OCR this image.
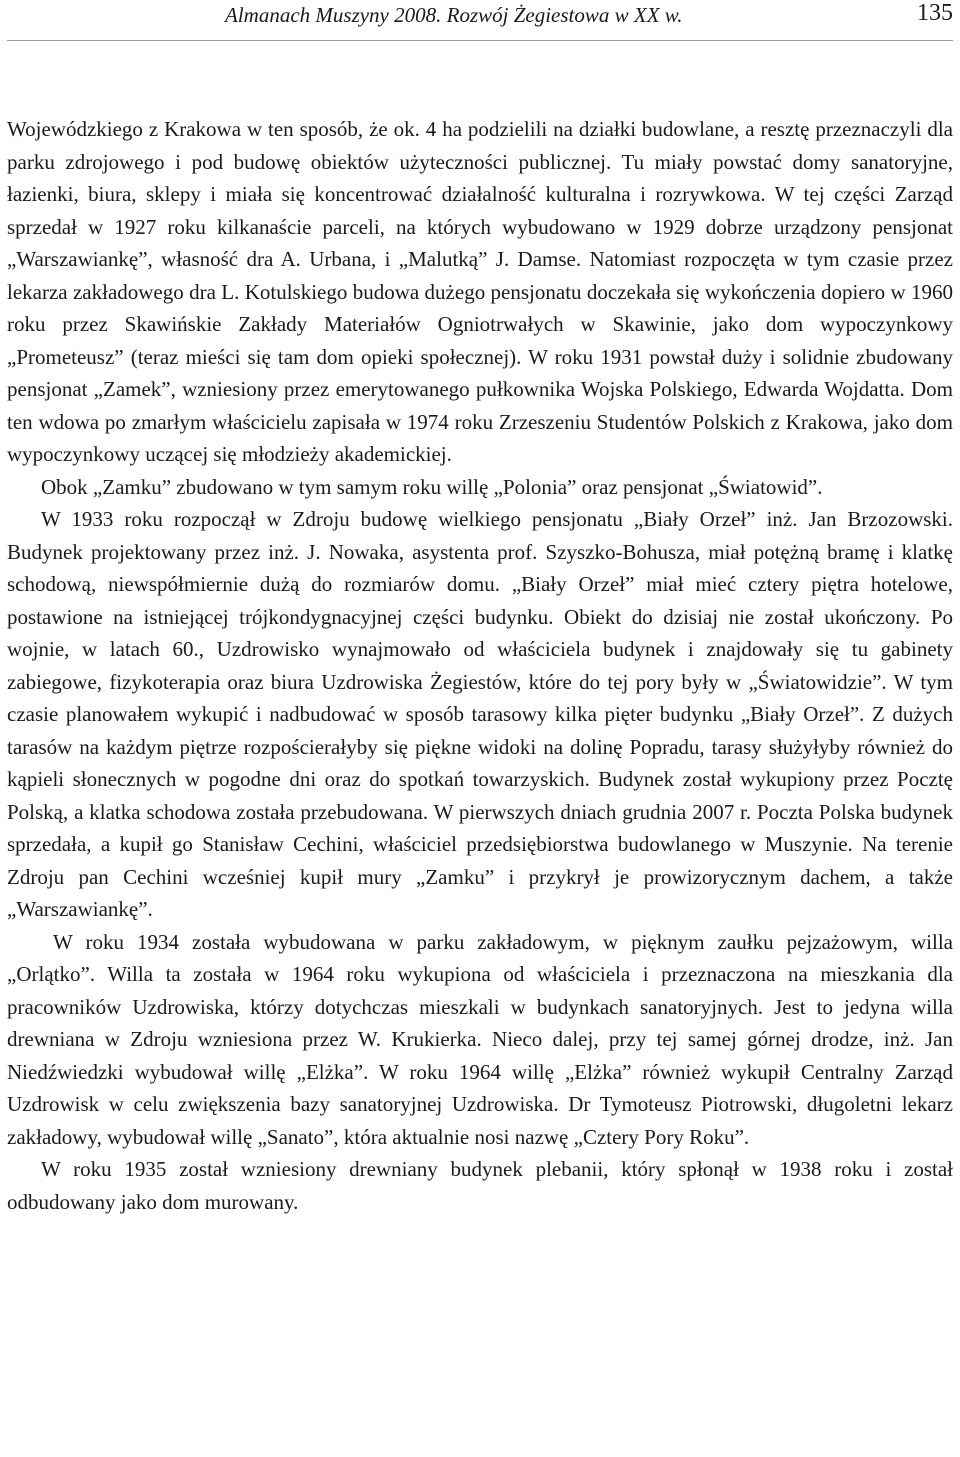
Almanach Muszyny 2008. Rozwój Żegiestowa w XX w.	135

Wojewódzkiego z Krakowa w ten sposób, że ok. 4 ha podzielili na działki budowlane, a resztę przeznaczyli dla parku zdrojowego i pod budowę obiektów użyteczności publicznej. Tu miały powstać domy sanatoryjne, łazienki, biura, sklepy i miała się koncentrować działalność kulturalna i rozrywkowa. W tej części Zarząd sprzedał w 1927 roku kilkanaście parceli, na których wybudowano w 1929 dobrze urządzony pensjonat „Warszawiankę”, własność dra A. Urbana, i „Malutką” J. Damse. Natomiast rozpoczęta w tym czasie przez lekarza zakładowego dra L. Kotulskiego budowa dużego pensjonatu doczekała się wykończenia dopiero w 1960 roku przez Skawińskie Zakłady Materiałów Ogniotrwałych w Skawinie, jako dom wypoczynkowy „Prometeusz” (teraz mieści się tam dom opieki społecznej). W roku 1931 powstał duży i solidnie zbudowany pensjonat „Zamek”, wzniesiony przez emerytowanego pułkownika Wojska Polskiego, Edwarda Wojdatta. Dom ten wdowa po zmarłym właścicielu zapisała w 1974 roku Zrzeszeniu Studentów Polskich z Krakowa, jako dom wypoczynkowy uczącej się młodzieży akademickiej.

Obok „Zamku” zbudowano w tym samym roku willę „Polonia” oraz pensjonat „Światowid”.

W 1933 roku rozpoczął w Zdroju budowę wielkiego pensjonatu „Biały Orzeł” inż. Jan Brzozowski. Budynek projektowany przez inż. J. Nowaka, asystenta prof. Szyszko-Bohusza, miał potężną bramę i klatkę schodową, niewspółmiernie dużą do rozmiarów domu. „Biały Orzeł” miał mieć cztery piętra hotelowe, postawione na istniejącej trójkondygnacyjnej części budynku. Obiekt do dzisiaj nie został ukończony. Po wojnie, w latach 60., Uzdrowisko wynajmowało od właściciela budynek i znajdowały się tu gabinety zabiegowe, fizykoterapia oraz biura Uzdrowiska Żegiestów, które do tej pory były w „Światowidzie”. W tym czasie planowałem wykupić i nadbudować w sposób tarasowy kilka pięter budynku „Biały Orzeł”. Z dużych tarasów na każdym piętrze rozpościerałyby się piękne widoki na dolinę Popradu, tarasy służyłyby również do kąpieli słonecznych w pogodne dni oraz do spotkań towarzyskich. Budynek został wykupiony przez Pocztę Polską, a klatka schodowa została przebudowana. W pierwszych dniach grudnia 2007 r. Poczta Polska budynek sprzedała, a kupił go Stanisław Cechini, właściciel przedsiębiorstwa budowlanego w Muszynie. Na terenie Zdroju pan Cechini wcześniej kupił mury „Zamku” i przykrył je prowizorycznym dachem, a także „Warszawiankę”.

W roku 1934 została wybudowana w parku zakładowym, w pięknym zaułku pejzażowym, willa „Orlątko”. Willa ta została w 1964 roku wykupiona od właściciela i przeznaczona na mieszkania dla pracowników Uzdrowiska, którzy dotychczas mieszkali w budynkach sanatoryjnych. Jest to jedyna willa drewniana w Zdroju wzniesiona przez W. Krukierka. Nieco dalej, przy tej samej górnej drodze, inż. Jan Niedźwiedzki wybudował willę „Elżka”. W roku 1964 willę „Elżka” również wykupił Centralny Zarząd Uzdrowisk w celu zwiększenia bazy sanatoryjnej Uzdrowiska. Dr Tymoteusz Piotrowski, długoletni lekarz zakładowy, wybudował willę „Sanato”, która aktualnie nosi nazwę „Cztery Pory Roku”.

W roku 1935 został wzniesiony drewniany budynek plebanii, który spłonął w 1938 roku i został odbudowany jako dom murowany.
